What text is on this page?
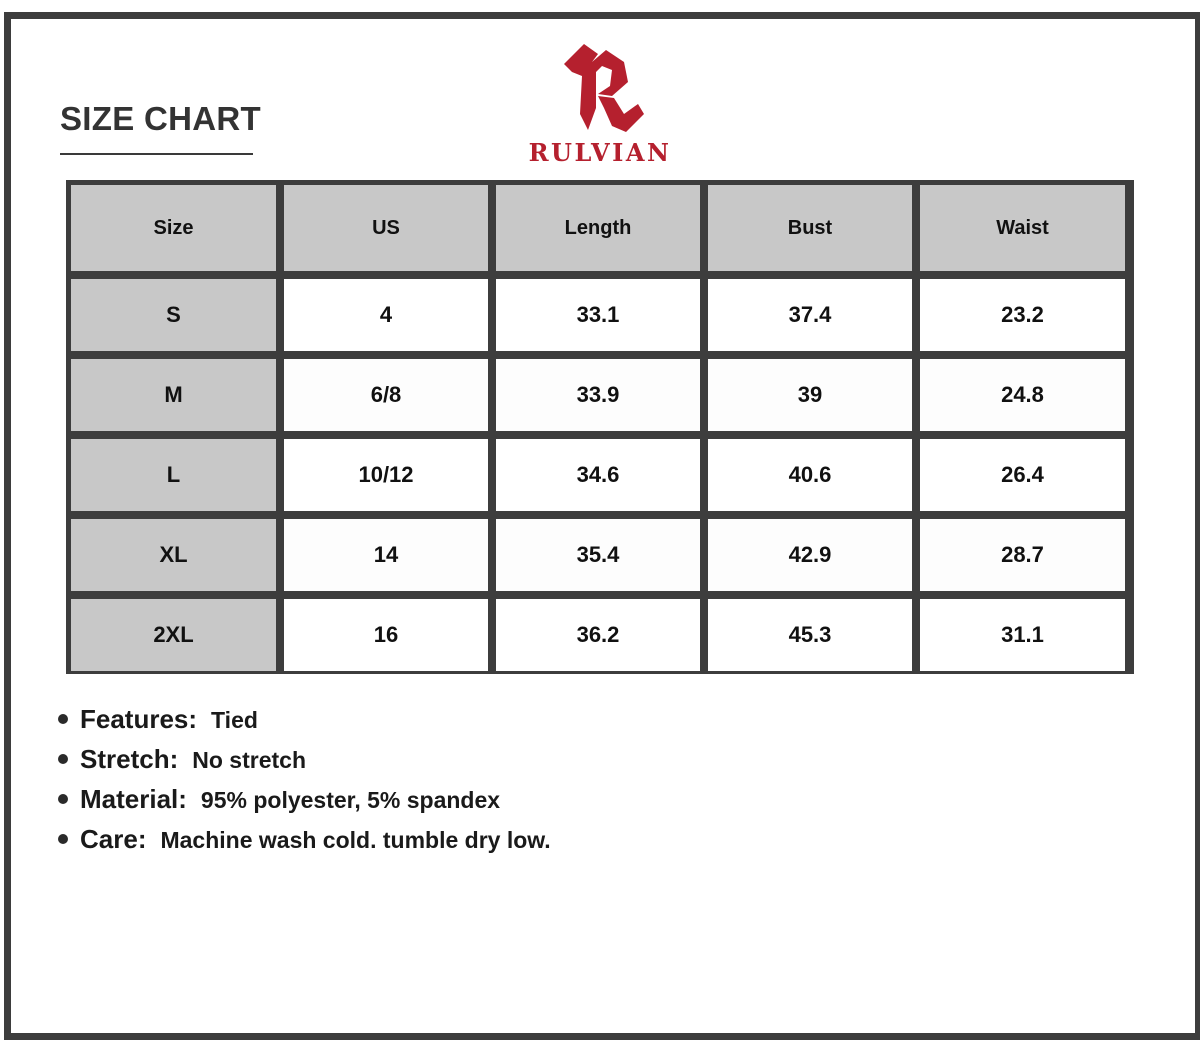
SIZE CHART
RULVIAN
Size	US	Length	Bust	Waist
S	4	33.1	37.4	23.2
M	6/8	33.9	39	24.8
L	10/12	34.6	40.6	26.4
XL	14	35.4	42.9	28.7
2XL	16	36.2	45.3	31.1
Features: Tied
Stretch: No stretch
Material: 95% polyester, 5% spandex
Care: Machine wash cold. tumble dry low.
